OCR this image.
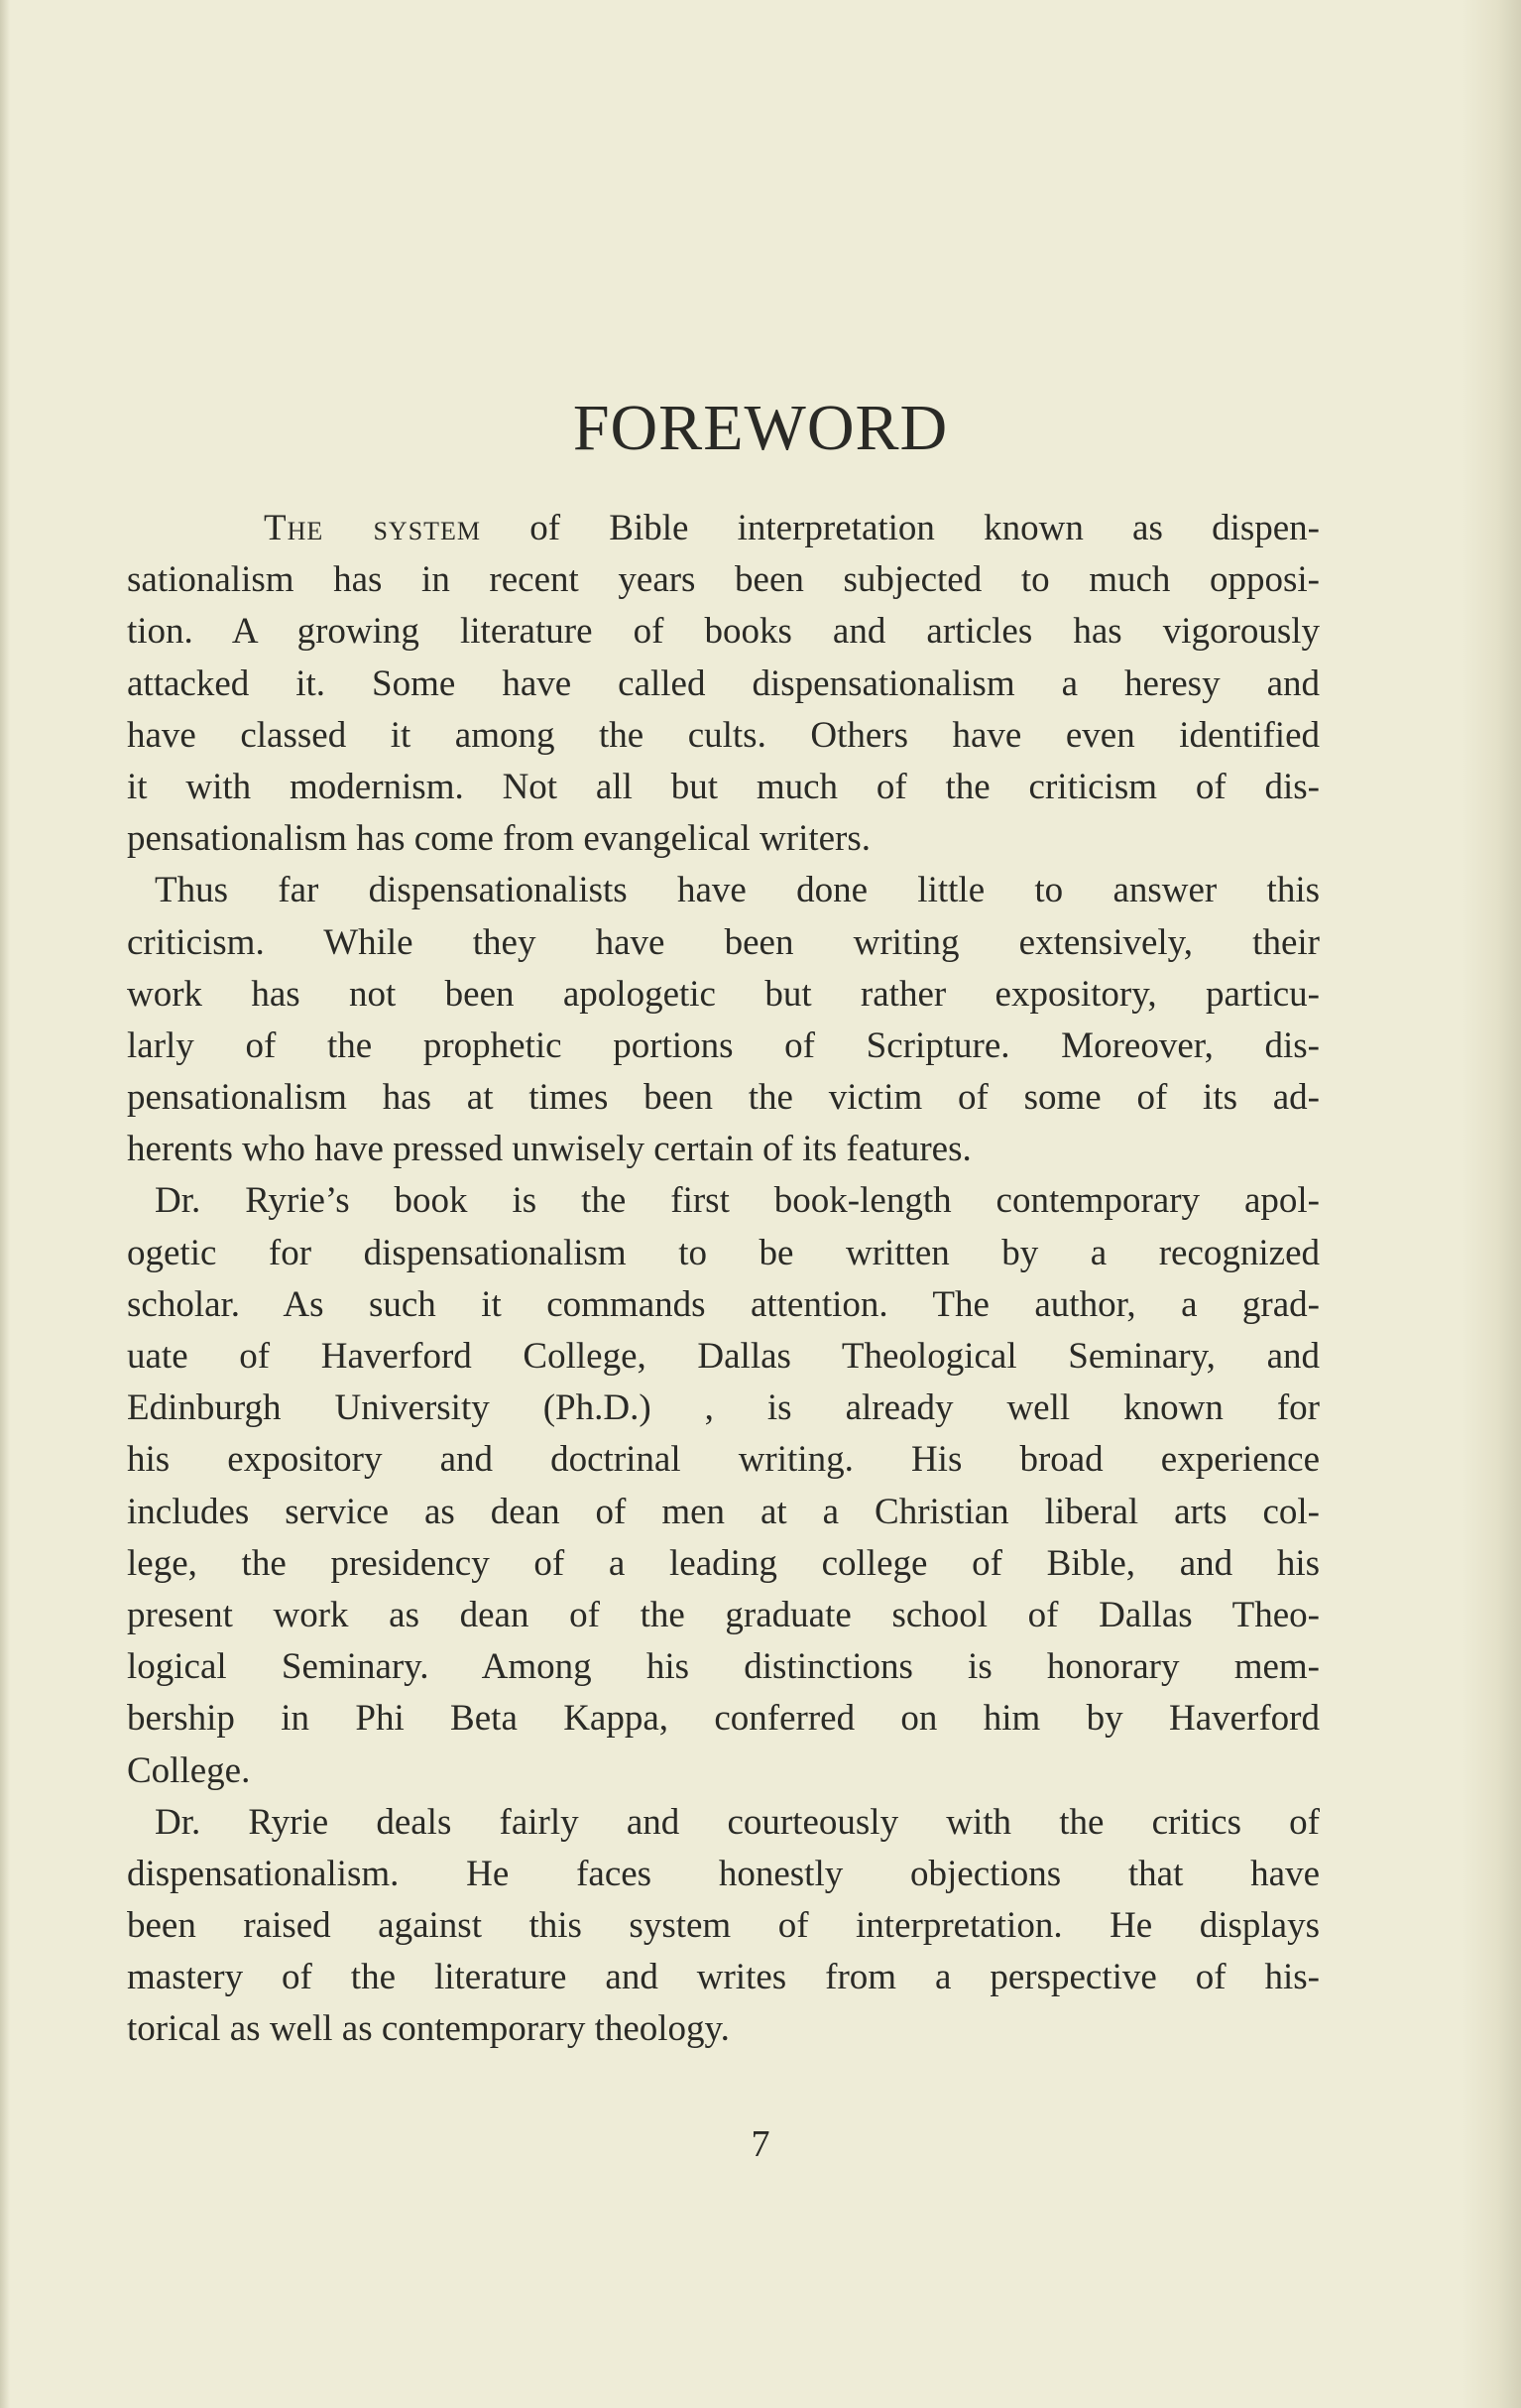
FOREWORD
The system of Bible interpretation known as dispen-
sationalism has in recent years been subjected to much opposi-
tion. A growing literature of books and articles has vigorously
attacked it. Some have called dispensationalism a heresy and
have classed it among the cults. Others have even identified
it with modernism. Not all but much of the criticism of dis-
pensationalism has come from evangelical writers.
Thus far dispensationalists have done little to answer this
criticism. While they have been writing extensively, their
work has not been apologetic but rather expository, particu-
larly of the prophetic portions of Scripture. Moreover, dis-
pensationalism has at times been the victim of some of its ad-
herents who have pressed unwisely certain of its features.
Dr. Ryrie’s book is the first book-length contemporary apol-
ogetic for dispensationalism to be written by a recognized
scholar. As such it commands attention. The author, a grad-
uate of Haverford College, Dallas Theological Seminary, and
Edinburgh University (Ph.D.) , is already well known for
his expository and doctrinal writing. His broad experience
includes service as dean of men at a Christian liberal arts col-
lege, the presidency of a leading college of Bible, and his
present work as dean of the graduate school of Dallas Theo-
logical Seminary. Among his distinctions is honorary mem-
bership in Phi Beta Kappa, conferred on him by Haverford
College.
Dr. Ryrie deals fairly and courteously with the critics of
dispensationalism. He faces honestly objections that have
been raised against this system of interpretation. He displays
mastery of the literature and writes from a perspective of his-
torical as well as contemporary theology.
7
